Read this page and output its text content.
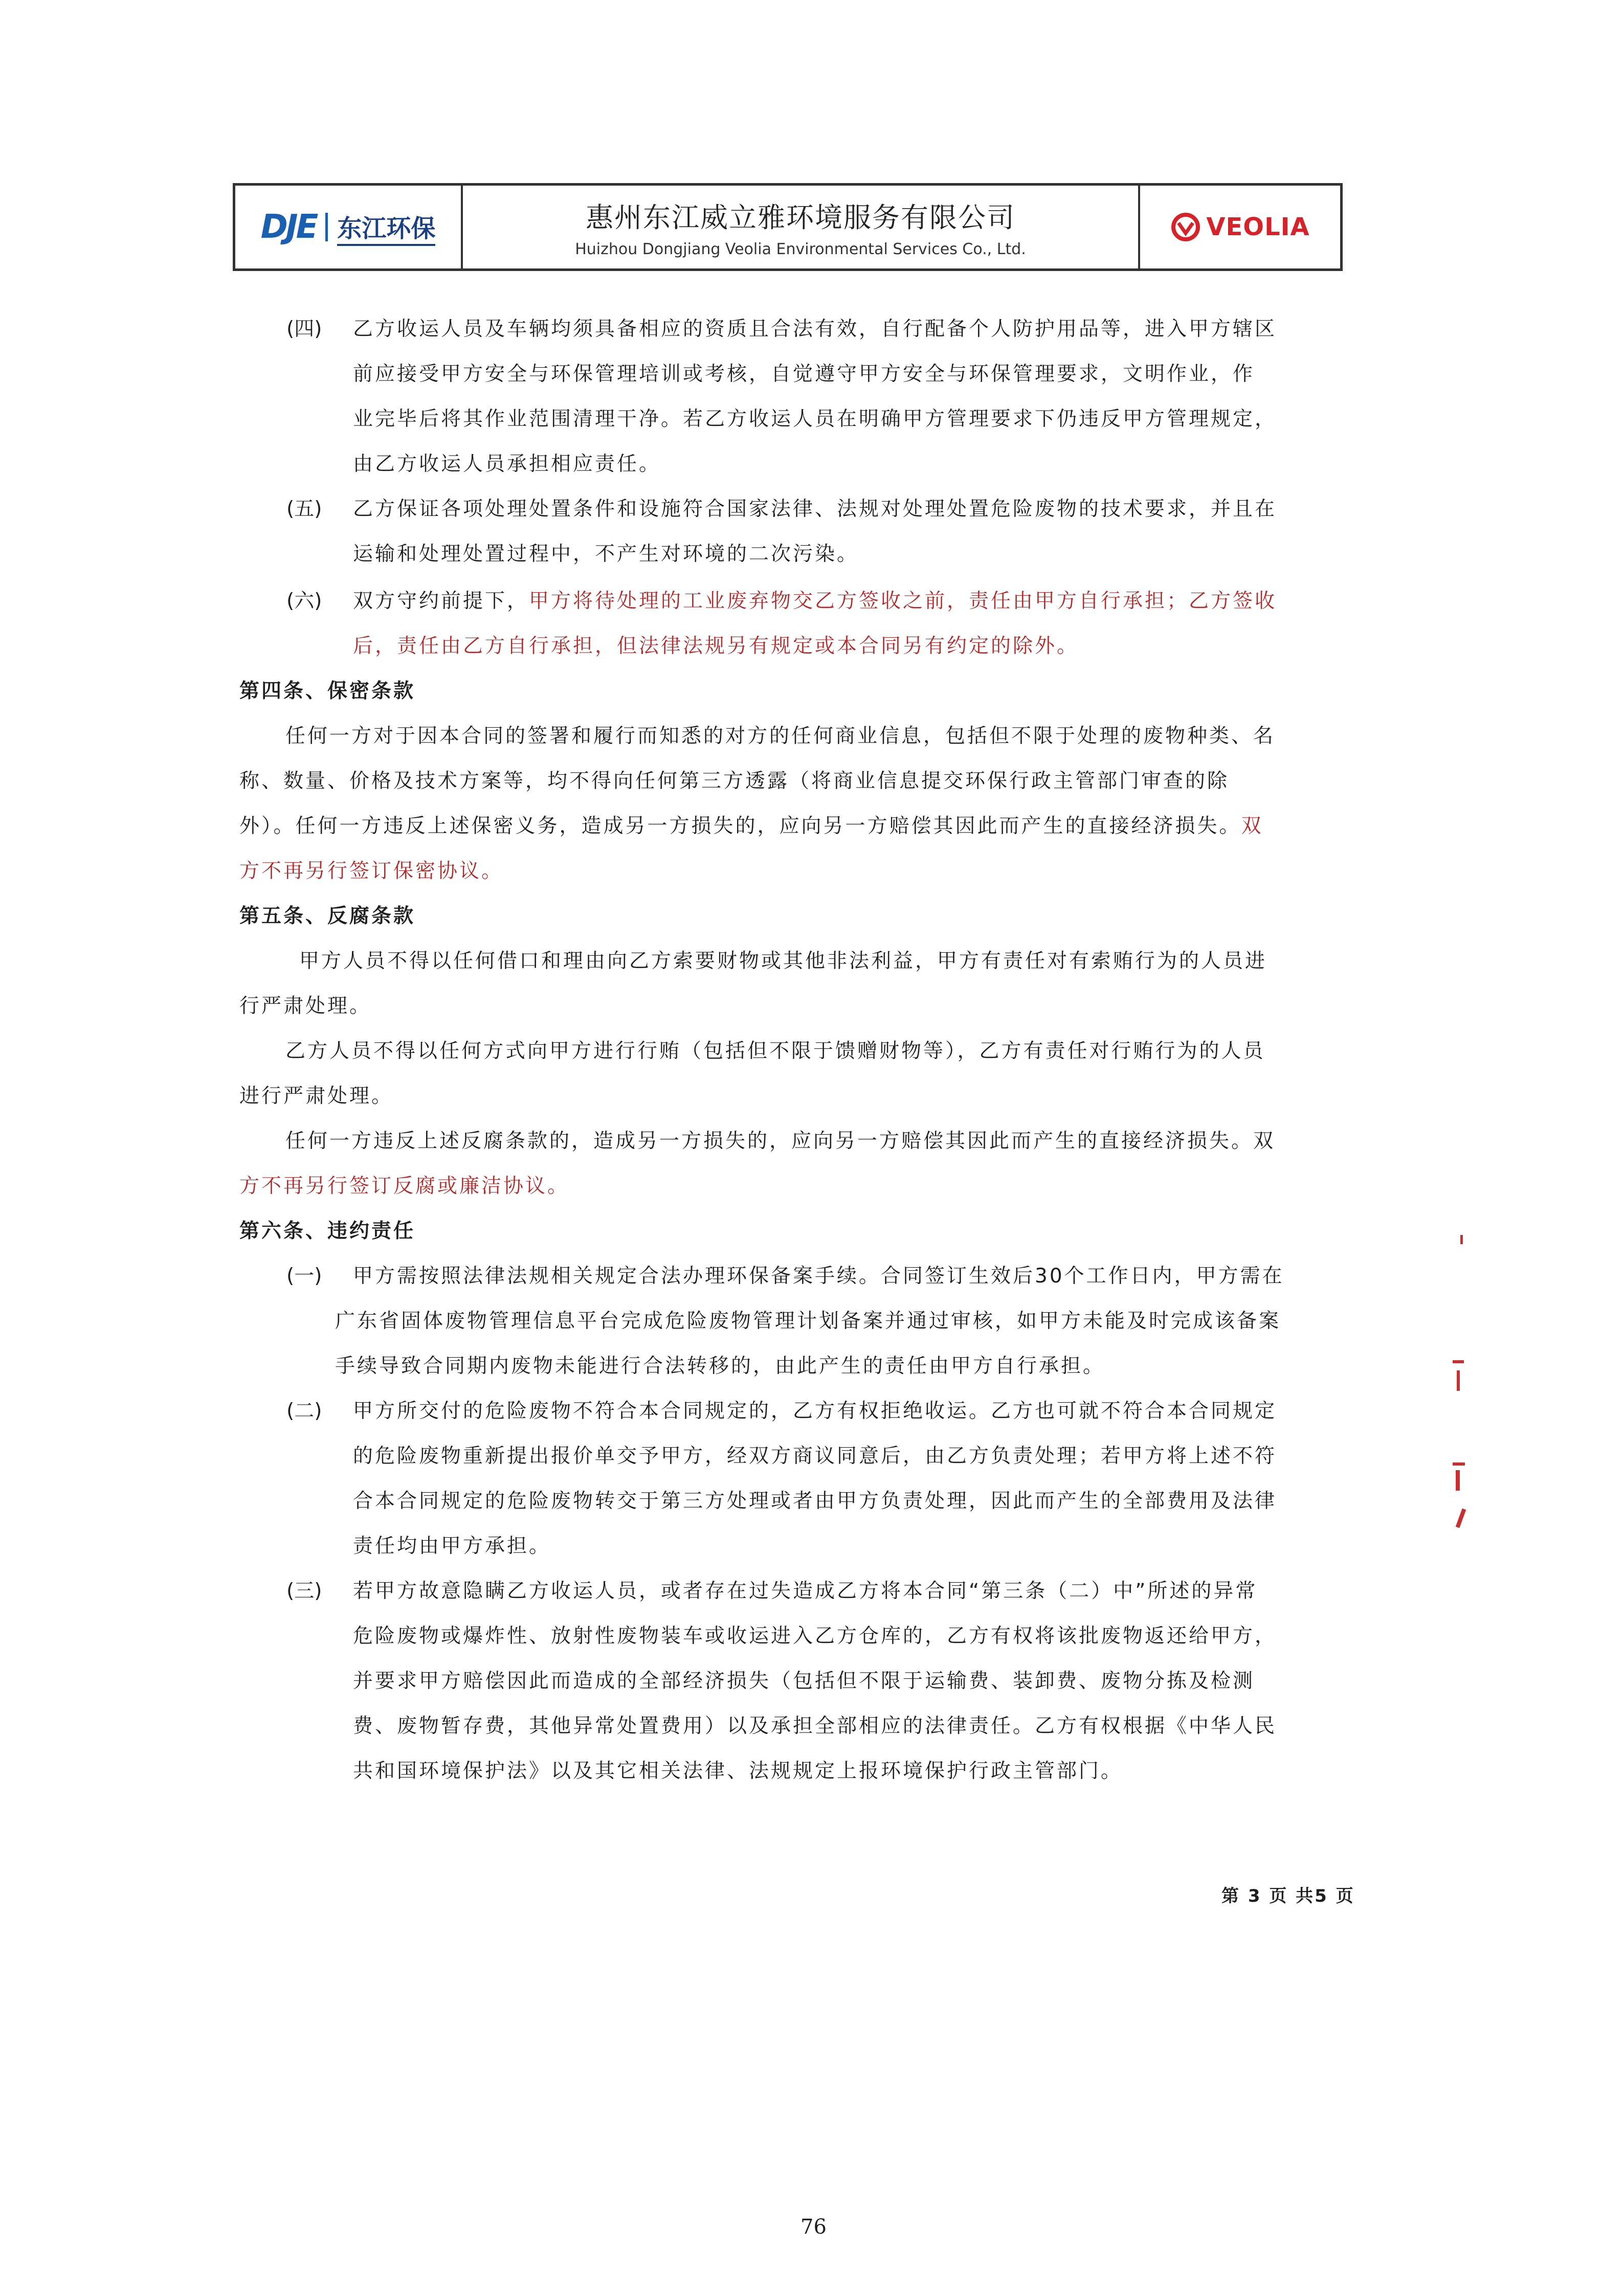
DJE 东江环保	惠州东江威立雅环境服务有限公司
Huizhou Dongjiang Veolia Environmental Services Co., Ltd.
VEOLIA
(四) 乙方收运人员及车辆均须具备相应的资质且合法有效，自行配备个人防护用品等，进入甲方辖区
前应接受甲方安全与环保管理培训或考核，自觉遵守甲方安全与环保管理要求，文明作业，作
业完毕后将其作业范围清理干净。若乙方收运人员在明确甲方管理要求下仍违反甲方管理规定，
由乙方收运人员承担相应责任。
(五) 乙方保证各项处理处置条件和设施符合国家法律、法规对处理处置危险废物的技术要求，并且在
运输和处理处置过程中，不产生对环境的二次污染。
(六) 双方守约前提下，甲方将待处理的工业废弃物交乙方签收之前，责任由甲方自行承担；乙方签收
后，责任由乙方自行承担，但法律法规另有规定或本合同另有约定的除外。
第四条、保密条款
任何一方对于因本合同的签署和履行而知悉的对方的任何商业信息，包括但不限于处理的废物种类、名
称、数量、价格及技术方案等，均不得向任何第三方透露（将商业信息提交环保行政主管部门审查的除
外）。任何一方违反上述保密义务，造成另一方损失的，应向另一方赔偿其因此而产生的直接经济损失。双
方不再另行签订保密协议。
第五条、反腐条款
甲方人员不得以任何借口和理由向乙方索要财物或其他非法利益，甲方有责任对有索贿行为的人员进
行严肃处理。
乙方人员不得以任何方式向甲方进行行贿（包括但不限于馈赠财物等），乙方有责任对行贿行为的人员
进行严肃处理。
任何一方违反上述反腐条款的，造成另一方损失的，应向另一方赔偿其因此而产生的直接经济损失。双
方不再另行签订反腐或廉洁协议。
第六条、违约责任
(一) 甲方需按照法律法规相关规定合法办理环保备案手续。合同签订生效后30个工作日内，甲方需在
广东省固体废物管理信息平台完成危险废物管理计划备案并通过审核，如甲方未能及时完成该备案
手续导致合同期内废物未能进行合法转移的，由此产生的责任由甲方自行承担。
(二) 甲方所交付的危险废物不符合本合同规定的，乙方有权拒绝收运。乙方也可就不符合本合同规定
的危险废物重新提出报价单交予甲方，经双方商议同意后，由乙方负责处理；若甲方将上述不符
合本合同规定的危险废物转交于第三方处理或者由甲方负责处理，因此而产生的全部费用及法律
责任均由甲方承担。
(三) 若甲方故意隐瞒乙方收运人员，或者存在过失造成乙方将本合同“第三条（二）中”所述的异常
危险废物或爆炸性、放射性废物装车或收运进入乙方仓库的，乙方有权将该批废物返还给甲方，
并要求甲方赔偿因此而造成的全部经济损失（包括但不限于运输费、装卸费、废物分拣及检测
费、废物暂存费，其他异常处置费用）以及承担全部相应的法律责任。乙方有权根据《中华人民
共和国环境保护法》以及其它相关法律、法规规定上报环境保护行政主管部门。
第 3 页 共5 页
76
